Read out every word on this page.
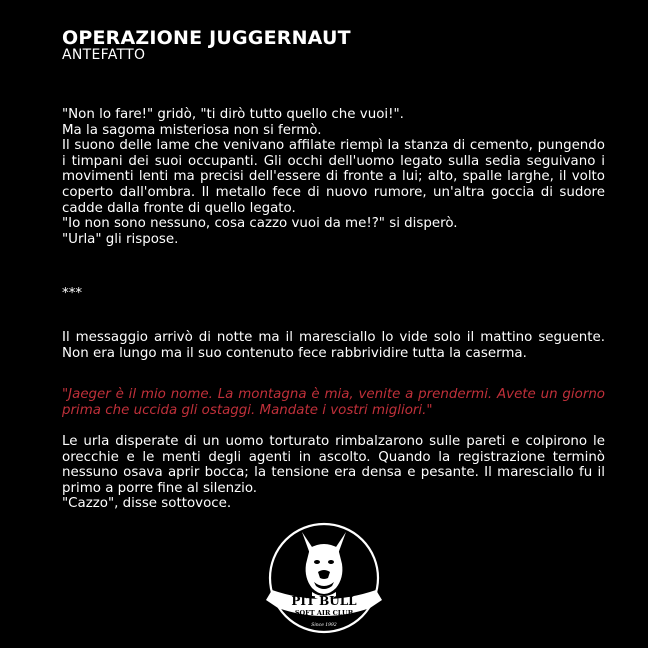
OPERAZIONE JUGGERNAUT
ANTEFATTO

"Non lo fare!" gridò, "ti dirò tutto quello che vuoi!".

Ma la sagoma misteriosa non si fermò.

Il suono delle lame che venivano affilate riempì la stanza di cemento, pungendo i timpani dei suoi occupanti. Gli occhi dell'uomo legato sulla sedia seguivano i movimenti lenti ma precisi dell'essere di fronte a lui; alto, spalle larghe, il volto coperto dall'ombra. Il metallo fece di nuovo rumore, un'altra goccia di sudore cadde dalla fronte di quello legato.

"Io non sono nessuno, cosa cazzo vuoi da me!?" si disperò.

"Urla" gli rispose.

***

Il messaggio arrivò di notte ma il maresciallo lo vide solo il mattino seguente. Non era lungo ma il suo contenuto fece rabbrividire tutta la caserma.

"Jaeger è il mio nome. La montagna è mia, venite a prendermi. Avete un giorno prima che uccida gli ostaggi. Mandate i vostri migliori."

Le urla disperate di un uomo torturato rimbalzarono sulle pareti e colpirono le orecchie e le menti degli agenti in ascolto. Quando la registrazione terminò nessuno osava aprir bocca; la tensione era densa e pesante. Il maresciallo fu il primo a porre fine al silenzio.

"Cazzo", disse sottovoce.

PIT BULL
SOFT AIR CLUB
Since 1992
